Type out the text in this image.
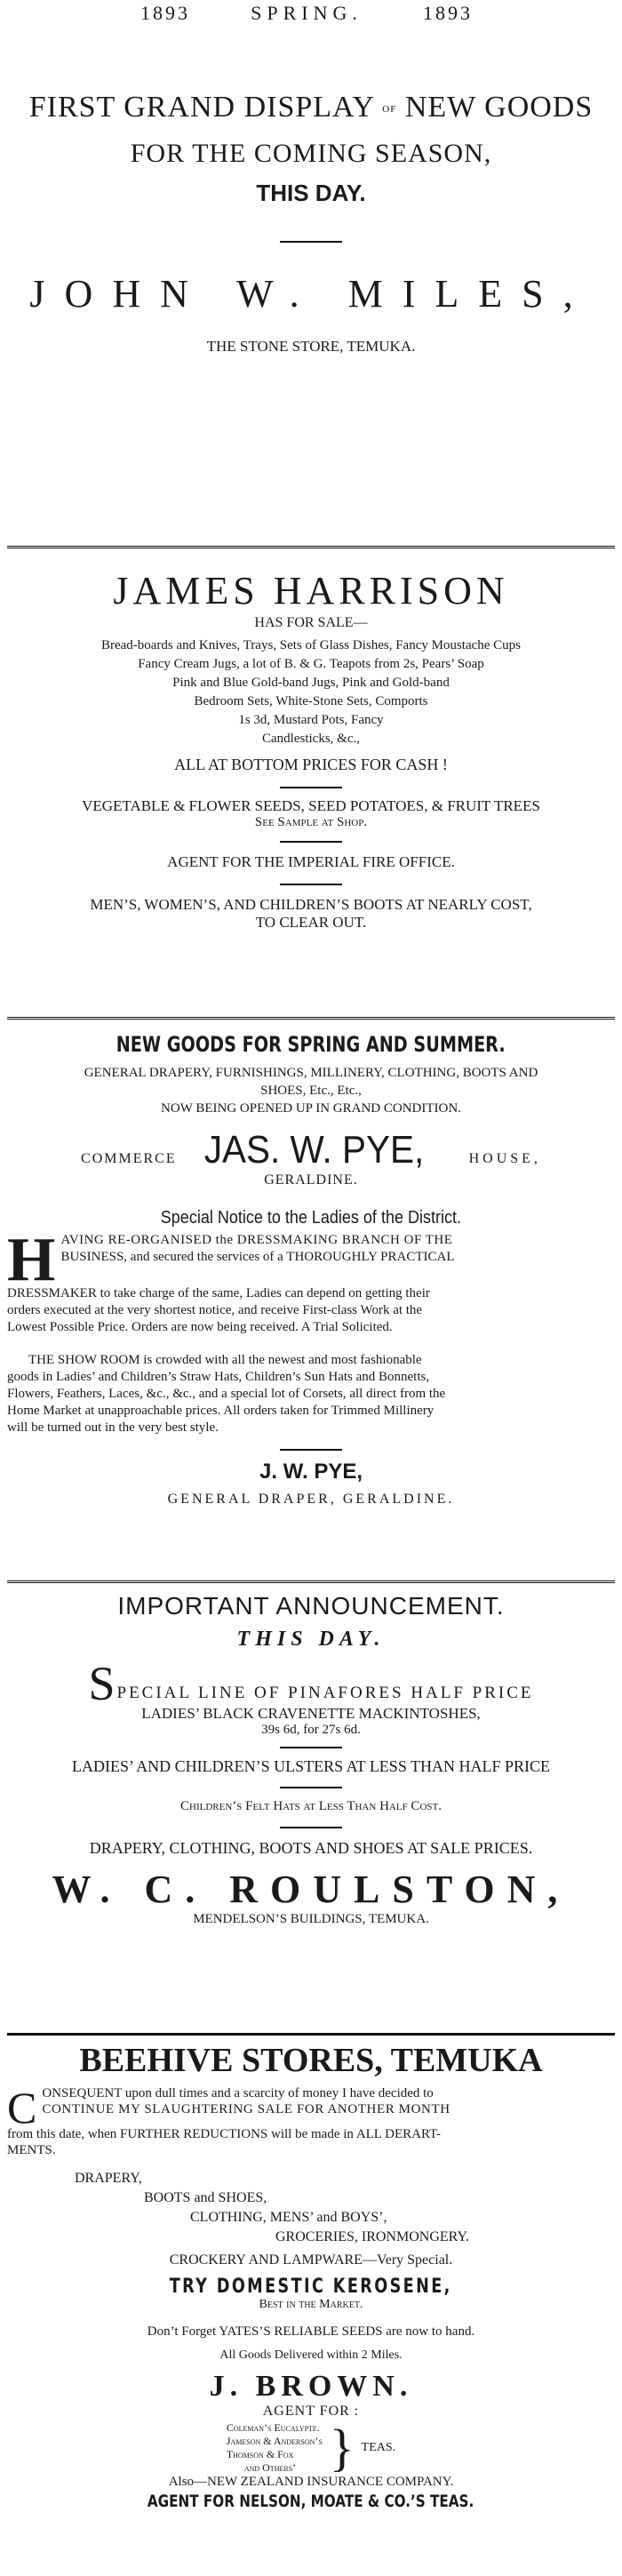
1893	SPRING.	1893
FIRST GRAND DISPLAY OF NEW GOODS
FOR THE COMING SEASON,
THIS DAY.
JOHN W. MILES,
THE STONE STORE, TEMUKA.
JAMES HARRISON
HAS FOR SALE—
Bread-boards and Knives, Trays, Sets of Glass Dishes, Fancy Moustache Cups
Fancy Cream Jugs, a lot of B. & G. Teapots from 2s, Pears’ Soap
Pink and Blue Gold-band Jugs, Pink and Gold-band
Bedroom Sets, White-Stone Sets, Comports
1s 3d, Mustard Pots, Fancy
Candlesticks, &c.,
ALL AT BOTTOM PRICES FOR CASH !
VEGETABLE & FLOWER SEEDS, SEED POTATOES, & FRUIT TREES
See Sample at Shop.
AGENT FOR THE IMPERIAL FIRE OFFICE.
MEN’S, WOMEN’S, AND CHILDREN’S BOOTS AT NEARLY COST,
TO CLEAR OUT.
NEW GOODS FOR SPRING AND SUMMER.
GENERAL DRAPERY, FURNISHINGS, MILLINERY, CLOTHING, BOOTS AND
SHOES, Etc., Etc.,
NOW BEING OPENED UP IN GRAND CONDITION.
COMMERCE JAS. W. PYE,	HOUSE,
GERALDINE.
Special Notice to the Ladies of the District.
H AVING RE-ORGANISED the DRESSMAKING BRANCH OF THE
BUSINESS, and secured the services of a THOROUGHLY PRACTICAL
DRESSMAKER to take charge of the same, Ladies can depend on getting their
orders executed at the very shortest notice, and receive First-class Work at the
Lowest Possible Price. Orders are now being received. A Trial Solicited.
THE SHOW ROOM is crowded with all the newest and most fashionable
goods in Ladies’ and Children’s Straw Hats, Children’s Sun Hats and Bonnetts,
Flowers, Feathers, Laces, &c., &c., and a special lot of Corsets, all direct from the
Home Market at unapproachable prices. All orders taken for Trimmed Millinery
will be turned out in the very best style.
J. W. PYE,
GENERAL DRAPER, GERALDINE.
IMPORTANT ANNOUNCEMENT.
THIS DAY.
S PECIAL LINE OF PINAFORES HALF PRICE
LADIES’ BLACK CRAVENETTE MACKINTOSHES,
39s 6d, for 27s 6d.
LADIES’ AND CHILDREN’S ULSTERS AT LESS THAN HALF PRICE
Children’s Felt Hats at Less Than Half Cost.
DRAPERY, CLOTHING, BOOTS AND SHOES AT SALE PRICES.
W. C. ROULSTON,
MENDELSON’S BUILDINGS, TEMUKA.
BEEHIVE STORES, TEMUKA
C ONSEQUENT upon dull times and a scarcity of money I have decided to
CONTINUE MY SLAUGHTERING SALE FOR ANOTHER MONTH
from this date, when FURTHER REDUCTIONS will be made in ALL DERART-
MENTS.
DRAPERY,
BOOTS and SHOES,
CLOTHING, MENS’ and BOYS’,
GROCERIES, IRONMONGERY.
CROCKERY AND LAMPWARE—Very Special.
TRY DOMESTIC KEROSENE,
Best in the Market.
Don’t Forget YATES’S RELIABLE SEEDS are now to hand.
All Goods Delivered within 2 Miles.
J. BROWN.
AGENT FOR :
Coleman’s Eucalypte.
Jameson & Anderson’s
Thomson & Fox
and Others’ } TEAS.
Also—NEW ZEALAND INSURANCE COMPANY.
AGENT FOR NELSON, MOATE & CO.’S TEAS.
